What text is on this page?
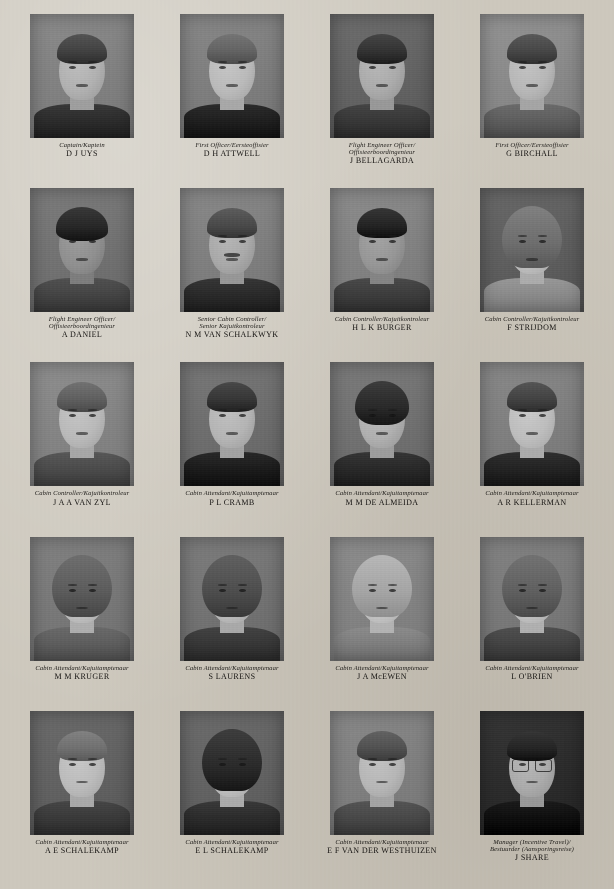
Captain/Kaptein
D J UYS
First Officer/Eersteoffisier
D H ATTWELL
Flight Engineer Officer/
Offisieerboordingenieur
J BELLAGARDA
First Officer/Eersteoffisier
G BIRCHALL
Flight Engineer Officer/
Offisieerboordingenieur
A DANIEL
Senior Cabin Controller/
Senior Kajuitkontroleur
N M VAN SCHALKWYK
Cabin Controller/Kajuitkontroleur
H L K BURGER
Cabin Controller/Kajuitkontroleur
F STRIJDOM
Cabin Controller/Kajuitkontroleur
J A A VAN ZYL
Cabin Attendant/Kajuitamptenaar
P L CRAMB
Cabin Attendant/Kajuitamptenaar
M M DE ALMEIDA
Cabin Attendant/Kajuitamptenaar
A R KELLERMAN
Cabin Attendant/Kajuitamptenaar
M M KRUGER
Cabin Attendant/Kajuitamptenaar
S LAURENS
Cabin Attendant/Kajuitamptenaar
J A McEWEN
Cabin Attendant/Kajuitamptenaar
L O'BRIEN
Cabin Attendant/Kajuitamptenaar
A E SCHALEKAMP
Cabin Attendant/Kajuitamptenaar
E L SCHALEKAMP
Cabin Attendant/Kajuitamptenaar
E F VAN DER WESTHUIZEN
Manager (Incentive Travel)/
Bestuurder (Aansporingsreise)
J SHARE
